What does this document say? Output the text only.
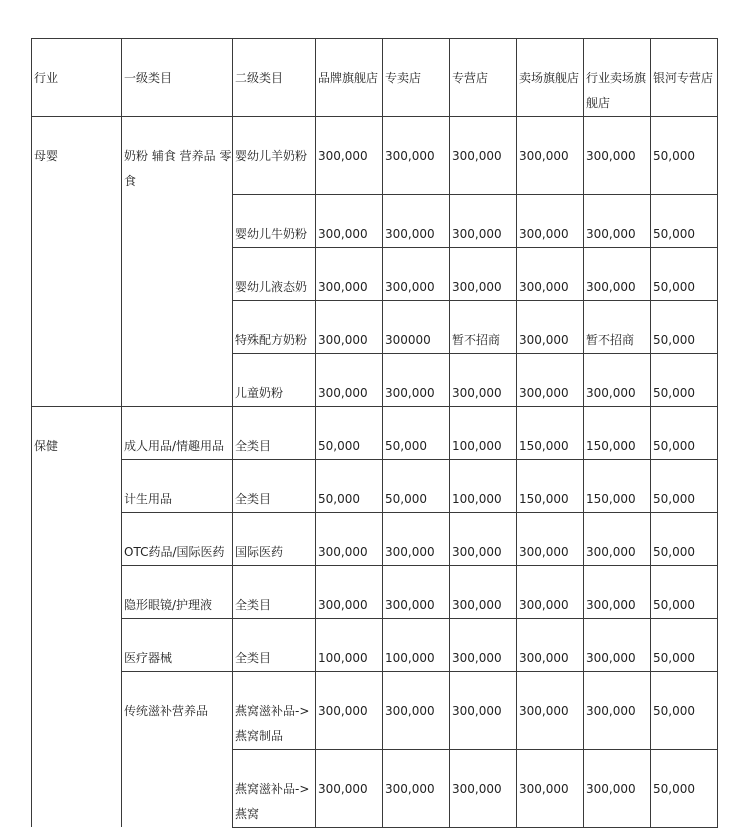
行业	一级类目	二级类目	品牌旗舰店	专卖店	专营店	卖场旗舰店	行业卖场旗舰店	银河专营店
母婴	奶粉 辅食 营养品 零食	婴幼儿羊奶粉	300,000	300,000	300,000	300,000	300,000	50,000
		婴幼儿牛奶粉	300,000	300,000	300,000	300,000	300,000	50,000
		婴幼儿液态奶	300,000	300,000	300,000	300,000	300,000	50,000
		特殊配方奶粉	300,000	300000	暂不招商	300,000	暂不招商	50,000
		儿童奶粉	300,000	300,000	300,000	300,000	300,000	50,000
保健	成人用品/情趣用品	全类目	50,000	50,000	100,000	150,000	150,000	50,000
	计生用品	全类目	50,000	50,000	100,000	150,000	150,000	50,000
	OTC药品/国际医药	国际医药	300,000	300,000	300,000	300,000	300,000	50,000
	隐形眼镜/护理液	全类目	300,000	300,000	300,000	300,000	300,000	50,000
	医疗器械	全类目	100,000	100,000	300,000	300,000	300,000	50,000
	传统滋补营养品	燕窝滋补品->燕窝制品	300,000	300,000	300,000	300,000	300,000	50,000
		燕窝滋补品->燕窝	300,000	300,000	300,000	300,000	300,000	50,000
